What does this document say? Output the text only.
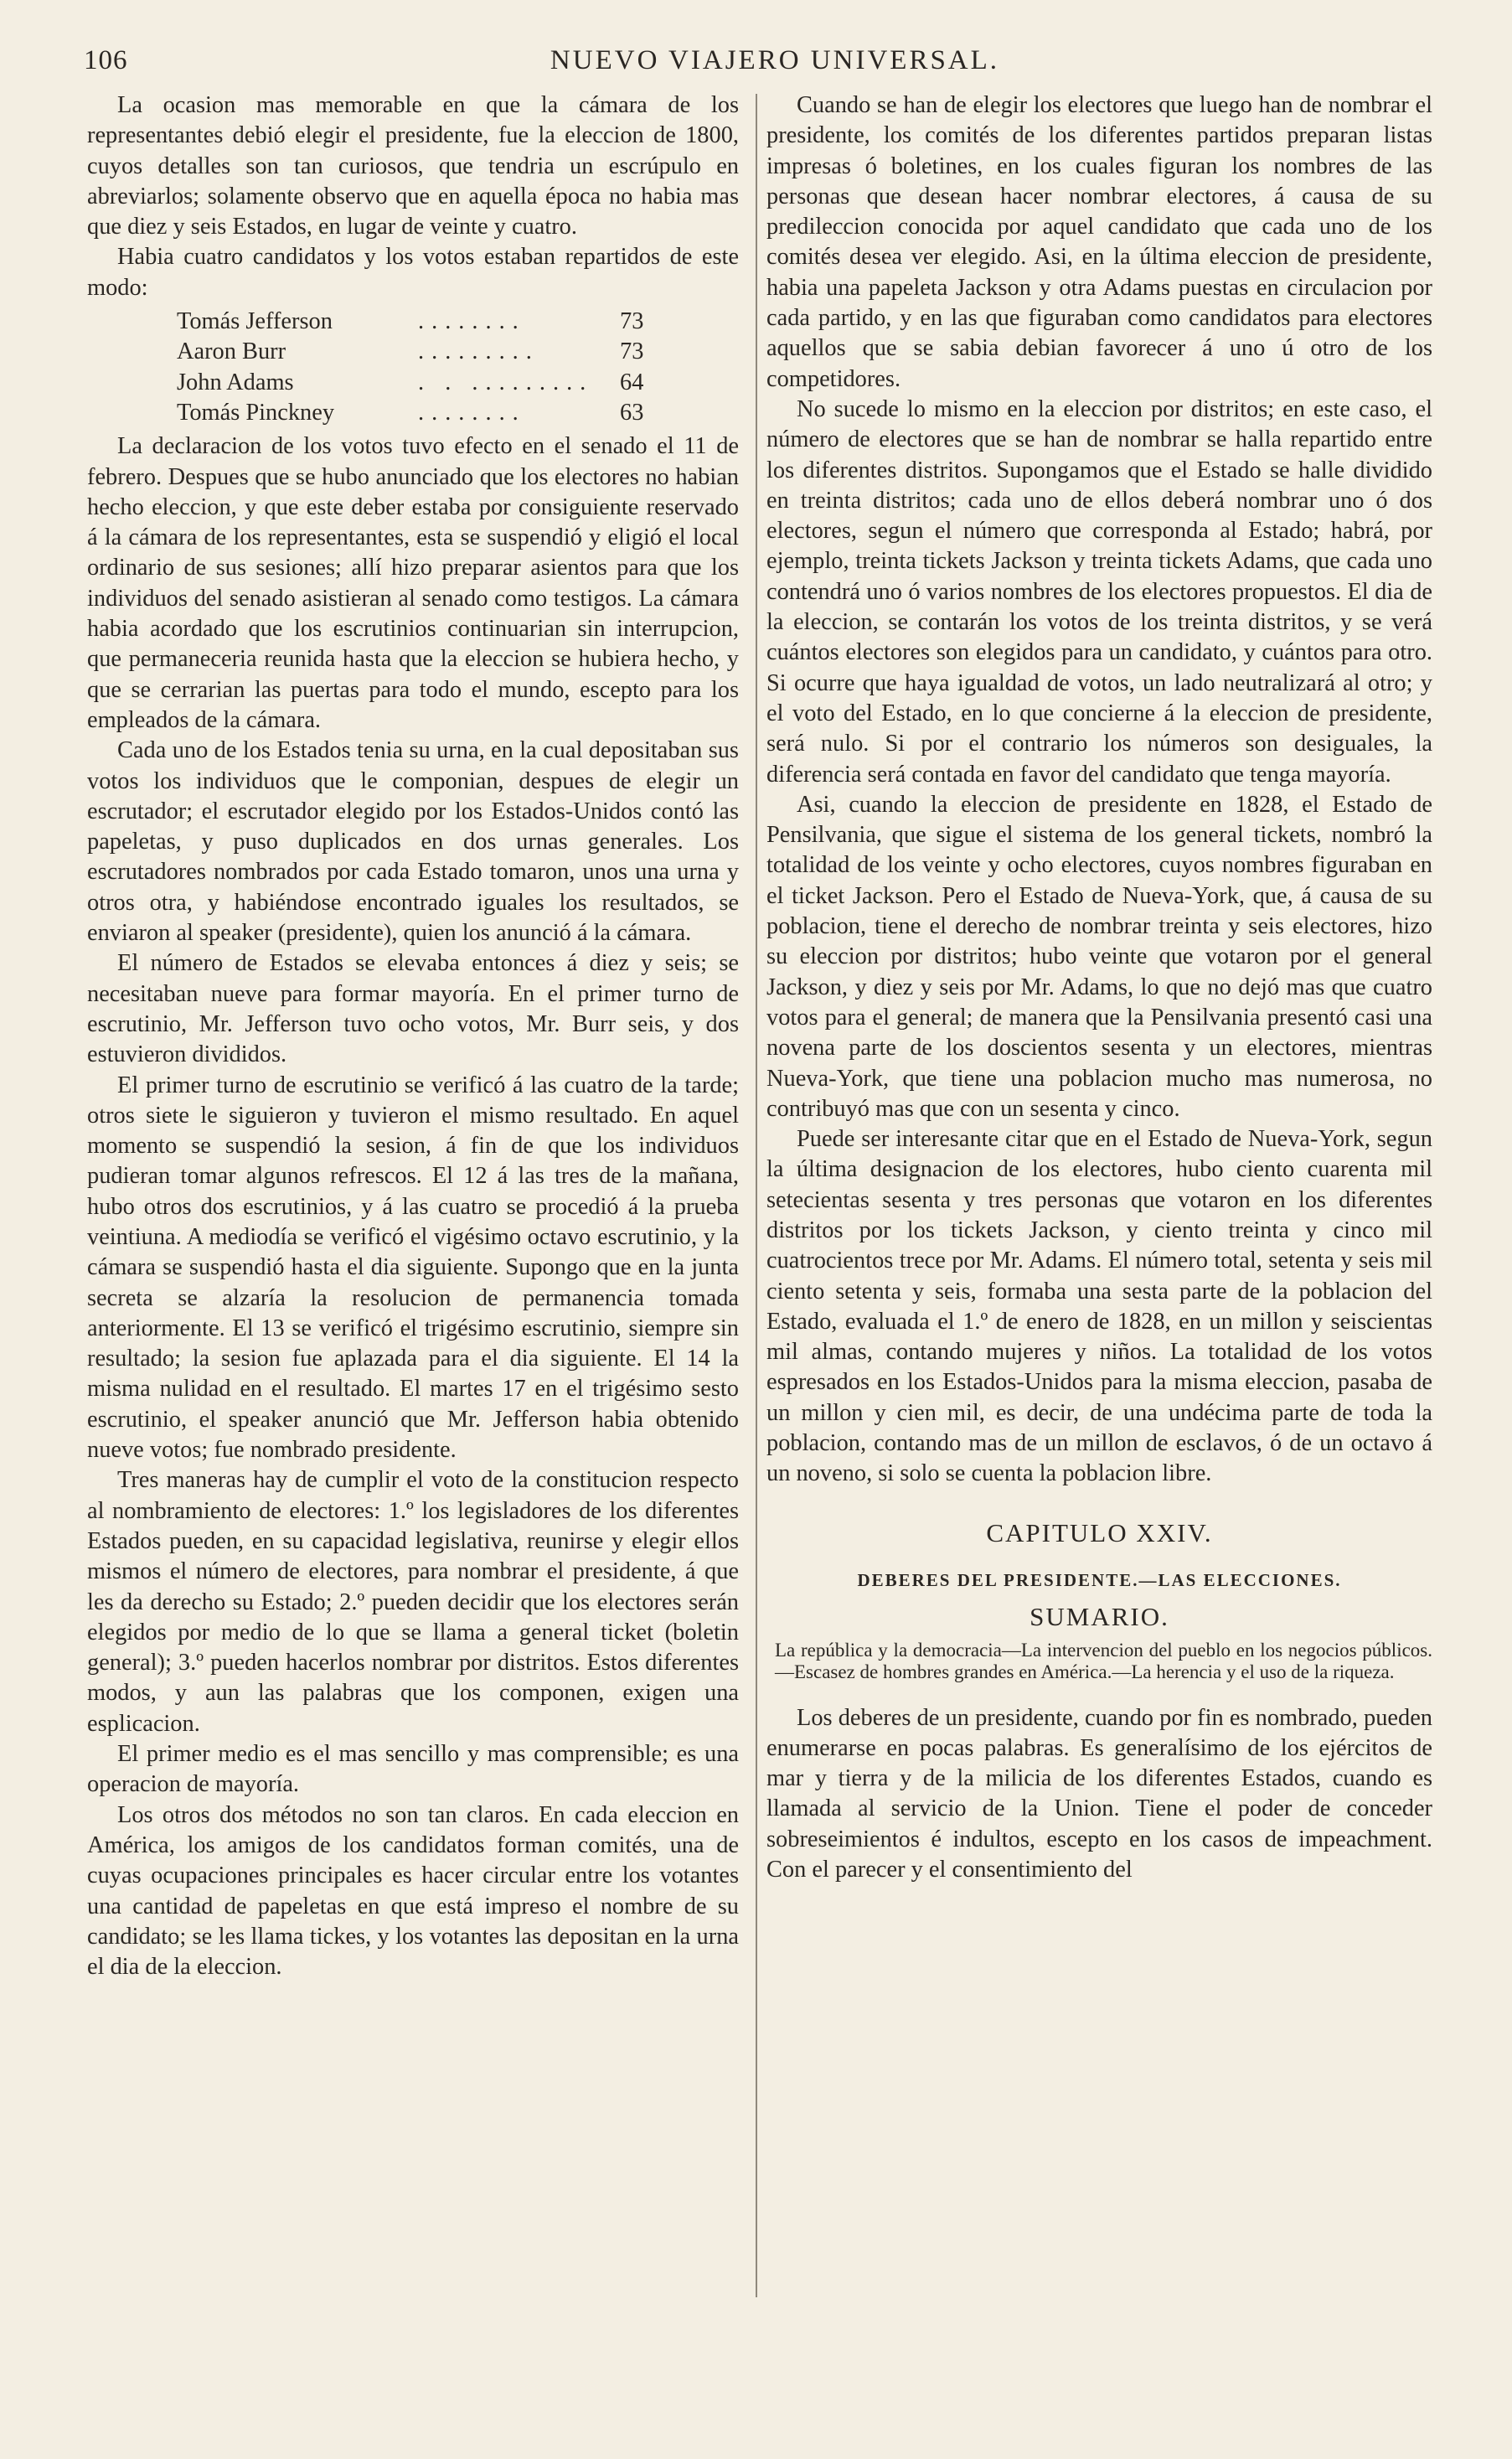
106	NUEVO VIAJERO UNIVERSAL.

La ocasion mas memorable en que la cámara de los representantes debió elegir el presidente, fue la eleccion de 1800, cuyos detalles son tan curiosos, que tendria un escrúpulo en abreviarlos; solamente observo que en aquella época no habia mas que diez y seis Estados, en lugar de veinte y cuatro.

Habia cuatro candidatos y los votos estaban repartidos de este modo:

Tomás Jefferson	........	73
Aaron Burr	.........	73
John Adams	. . ......... 64
Tomás Pinckney	........	63

La declaracion de los votos tuvo efecto en el senado el 11 de febrero. Despues que se hubo anunciado que los electores no habian hecho eleccion, y que este deber estaba por consiguiente reservado á la cámara de los representantes, esta se suspendió y eligió el local ordinario de sus sesiones; allí hizo preparar asientos para que los individuos del senado asistieran al senado como testigos. La cámara habia acordado que los escrutinios continuarian sin interrupcion, que permaneceria reunida hasta que la eleccion se hubiera hecho, y que se cerrarian las puertas para todo el mundo, escepto para los empleados de la cámara.

Cada uno de los Estados tenia su urna, en la cual depositaban sus votos los individuos que le componian, despues de elegir un escrutador; el escrutador elegido por los Estados-Unidos contó las papeletas, y puso duplicados en dos urnas generales. Los escrutadores nombrados por cada Estado tomaron, unos una urna y otros otra, y habiéndose encontrado iguales los resultados, se enviaron al speaker (presidente), quien los anunció á la cámara.

El número de Estados se elevaba entonces á diez y seis; se necesitaban nueve para formar mayoría. En el primer turno de escrutinio, Mr. Jefferson tuvo ocho votos, Mr. Burr seis, y dos estuvieron divididos.

El primer turno de escrutinio se verificó á las cuatro de la tarde; otros siete le siguieron y tuvieron el mismo resultado. En aquel momento se suspendió la sesion, á fin de que los individuos pudieran tomar algunos refrescos. El 12 á las tres de la mañana, hubo otros dos escrutinios, y á las cuatro se procedió á la prueba veintiuna. A mediodía se verificó el vigésimo octavo escrutinio, y la cámara se suspendió hasta el dia siguiente. Supongo que en la junta secreta se alzaría la resolucion de permanencia tomada anteriormente. El 13 se verificó el trigésimo escrutinio, siempre sin resultado; la sesion fue aplazada para el dia siguiente. El 14 la misma nulidad en el resultado. El martes 17 en el trigésimo sesto escrutinio, el speaker anunció que Mr. Jefferson habia obtenido nueve votos; fue nombrado presidente.

Tres maneras hay de cumplir el voto de la constitucion respecto al nombramiento de electores: 1.º los legisladores de los diferentes Estados pueden, en su capacidad legislativa, reunirse y elegir ellos mismos el número de electores, para nombrar el presidente, á que les da derecho su Estado; 2.º pueden decidir que los electores serán elegidos por medio de lo que se llama a general ticket (boletin general); 3.º pueden hacerlos nombrar por distritos. Estos diferentes modos, y aun las palabras que los componen, exigen una esplicacion.

El primer medio es el mas sencillo y mas comprensible; es una operacion de mayoría.

Los otros dos métodos no son tan claros. En cada eleccion en América, los amigos de los candidatos forman comités, una de cuyas ocupaciones principales es hacer circular entre los votantes una cantidad de papeletas en que está impreso el nombre de su candidato; se les llama tickes, y los votantes las depositan en la urna el dia de la eleccion.

Cuando se han de elegir los electores que luego han de nombrar el presidente, los comités de los diferentes partidos preparan listas impresas ó boletines, en los cuales figuran los nombres de las personas que desean hacer nombrar electores, á causa de su predileccion conocida por aquel candidato que cada uno de los comités desea ver elegido. Asi, en la última eleccion de presidente, habia una papeleta Jackson y otra Adams puestas en circulacion por cada partido, y en las que figuraban como candidatos para electores aquellos que se sabia debian favorecer á uno ú otro de los competidores.

No sucede lo mismo en la eleccion por distritos; en este caso, el número de electores que se han de nombrar se halla repartido entre los diferentes distritos. Supongamos que el Estado se halle dividido en treinta distritos; cada uno de ellos deberá nombrar uno ó dos electores, segun el número que corresponda al Estado; habrá, por ejemplo, treinta tickets Jackson y treinta tickets Adams, que cada uno contendrá uno ó varios nombres de los electores propuestos. El dia de la eleccion, se contarán los votos de los treinta distritos, y se verá cuántos electores son elegidos para un candidato, y cuántos para otro. Si ocurre que haya igualdad de votos, un lado neutralizará al otro; y el voto del Estado, en lo que concierne á la eleccion de presidente, será nulo. Si por el contrario los números son desiguales, la diferencia será contada en favor del candidato que tenga mayoría.

Asi, cuando la eleccion de presidente en 1828, el Estado de Pensilvania, que sigue el sistema de los general tickets, nombró la totalidad de los veinte y ocho electores, cuyos nombres figuraban en el ticket Jackson. Pero el Estado de Nueva-York, que, á causa de su poblacion, tiene el derecho de nombrar treinta y seis electores, hizo su eleccion por distritos; hubo veinte que votaron por el general Jackson, y diez y seis por Mr. Adams, lo que no dejó mas que cuatro votos para el general; de manera que la Pensilvania presentó casi una novena parte de los doscientos sesenta y un electores, mientras Nueva-York, que tiene una poblacion mucho mas numerosa, no contribuyó mas que con un sesenta y cinco.

Puede ser interesante citar que en el Estado de Nueva-York, segun la última designacion de los electores, hubo ciento cuarenta mil setecientas sesenta y tres personas que votaron en los diferentes distritos por los tickets Jackson, y ciento treinta y cinco mil cuatrocientos trece por Mr. Adams. El número total, setenta y seis mil ciento setenta y seis, formaba una sesta parte de la poblacion del Estado, evaluada el 1.º de enero de 1828, en un millon y seiscientas mil almas, contando mujeres y niños. La totalidad de los votos espresados en los Estados-Unidos para la misma eleccion, pasaba de un millon y cien mil, es decir, de una undécima parte de toda la poblacion, contando mas de un millon de esclavos, ó de un octavo á un noveno, si solo se cuenta la poblacion libre.

CAPITULO XXIV.

DEBERES DEL PRESIDENTE.—LAS ELECCIONES.

SUMARIO.

La república y la democracia—La intervencion del pueblo en los negocios públicos.—Escasez de hombres grandes en América.—La herencia y el uso de la riqueza.

Los deberes de un presidente, cuando por fin es nombrado, pueden enumerarse en pocas palabras. Es generalísimo de los ejércitos de mar y tierra y de la milicia de los diferentes Estados, cuando es llamada al servicio de la Union. Tiene el poder de conceder sobreseimientos é indultos, escepto en los casos de impeachment. Con el parecer y el consentimiento del
